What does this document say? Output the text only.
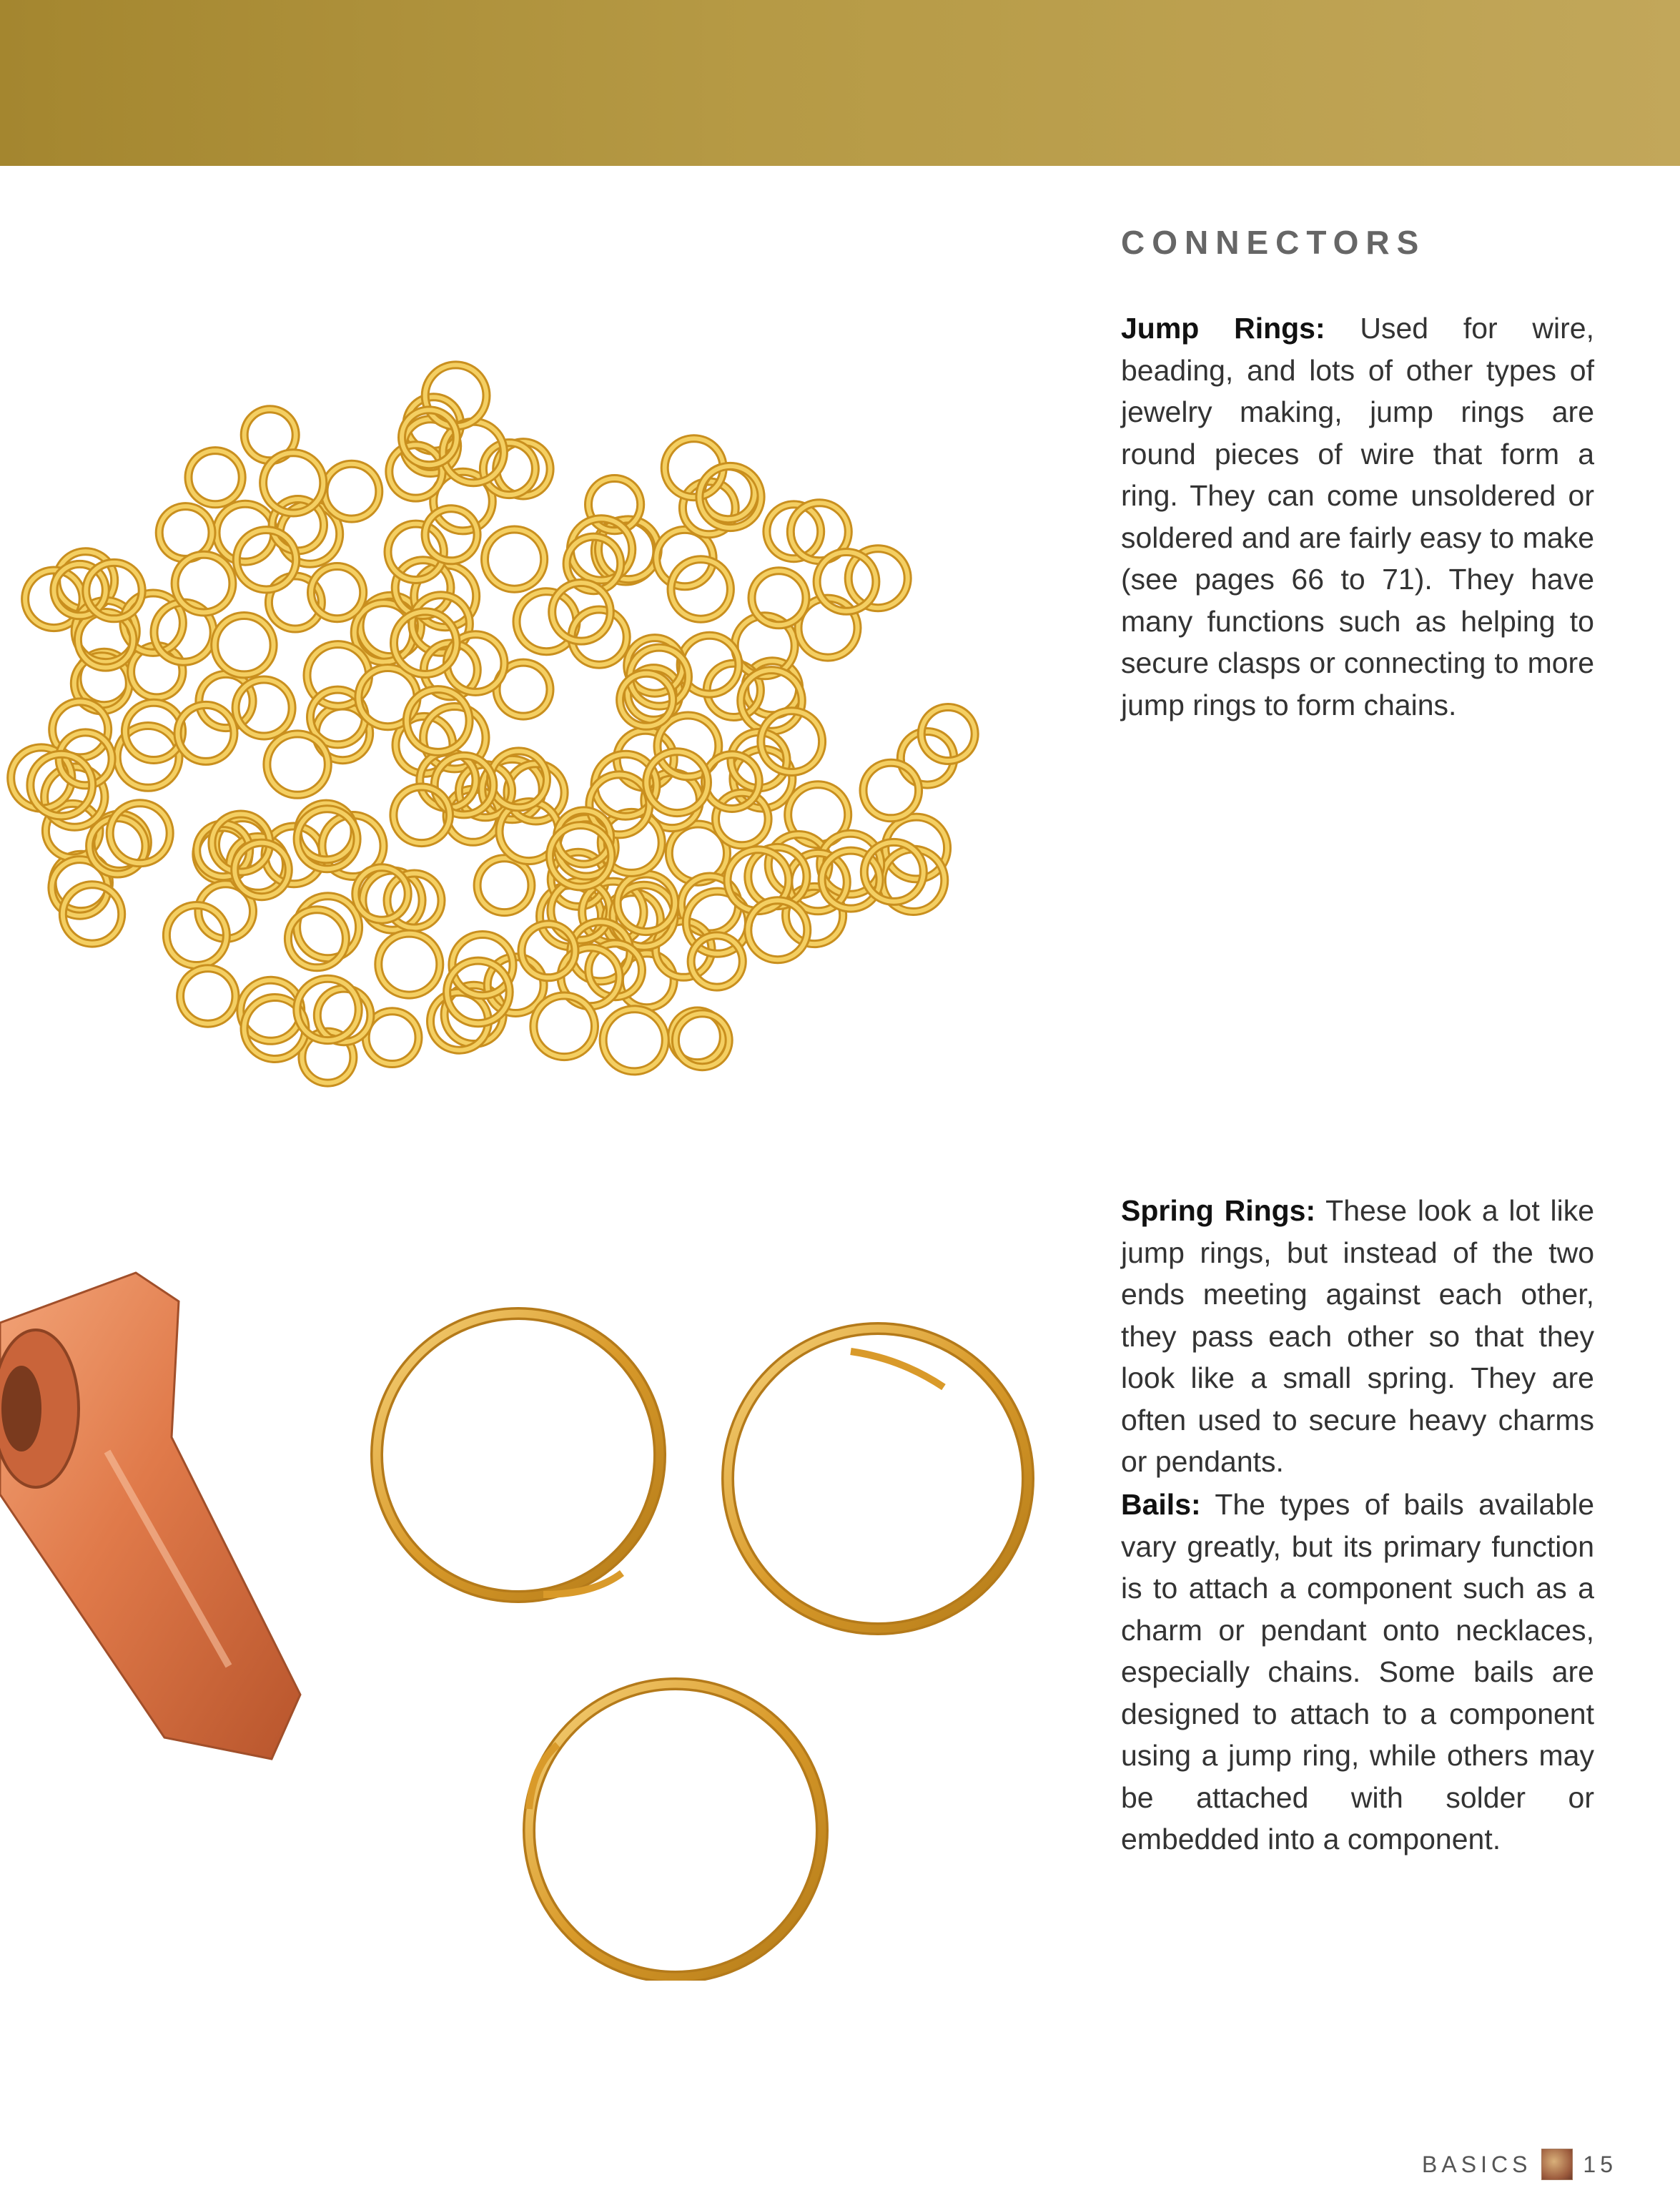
CONNECTORS

Jump Rings: Used for wire, beading, and lots of other types of jewelry making, jump rings are round pieces of wire that form a ring. They can come unsoldered or soldered and are fairly easy to make (see pages 66 to 71). They have many functions such as helping to secure clasps or connecting to more jump rings to form chains.

Spring Rings: These look a lot like jump rings, but instead of the two ends meeting against each other, they pass each other so that they look like a small spring. They are often used to secure heavy charms or pendants.

Bails: The types of bails available vary greatly, but its primary function is to attach a component such as a charm or pendant onto necklaces, especially chains. Some bails are designed to attach to a component using a jump ring, while others may be attached with solder or embedded into a component.

BASICS 15
